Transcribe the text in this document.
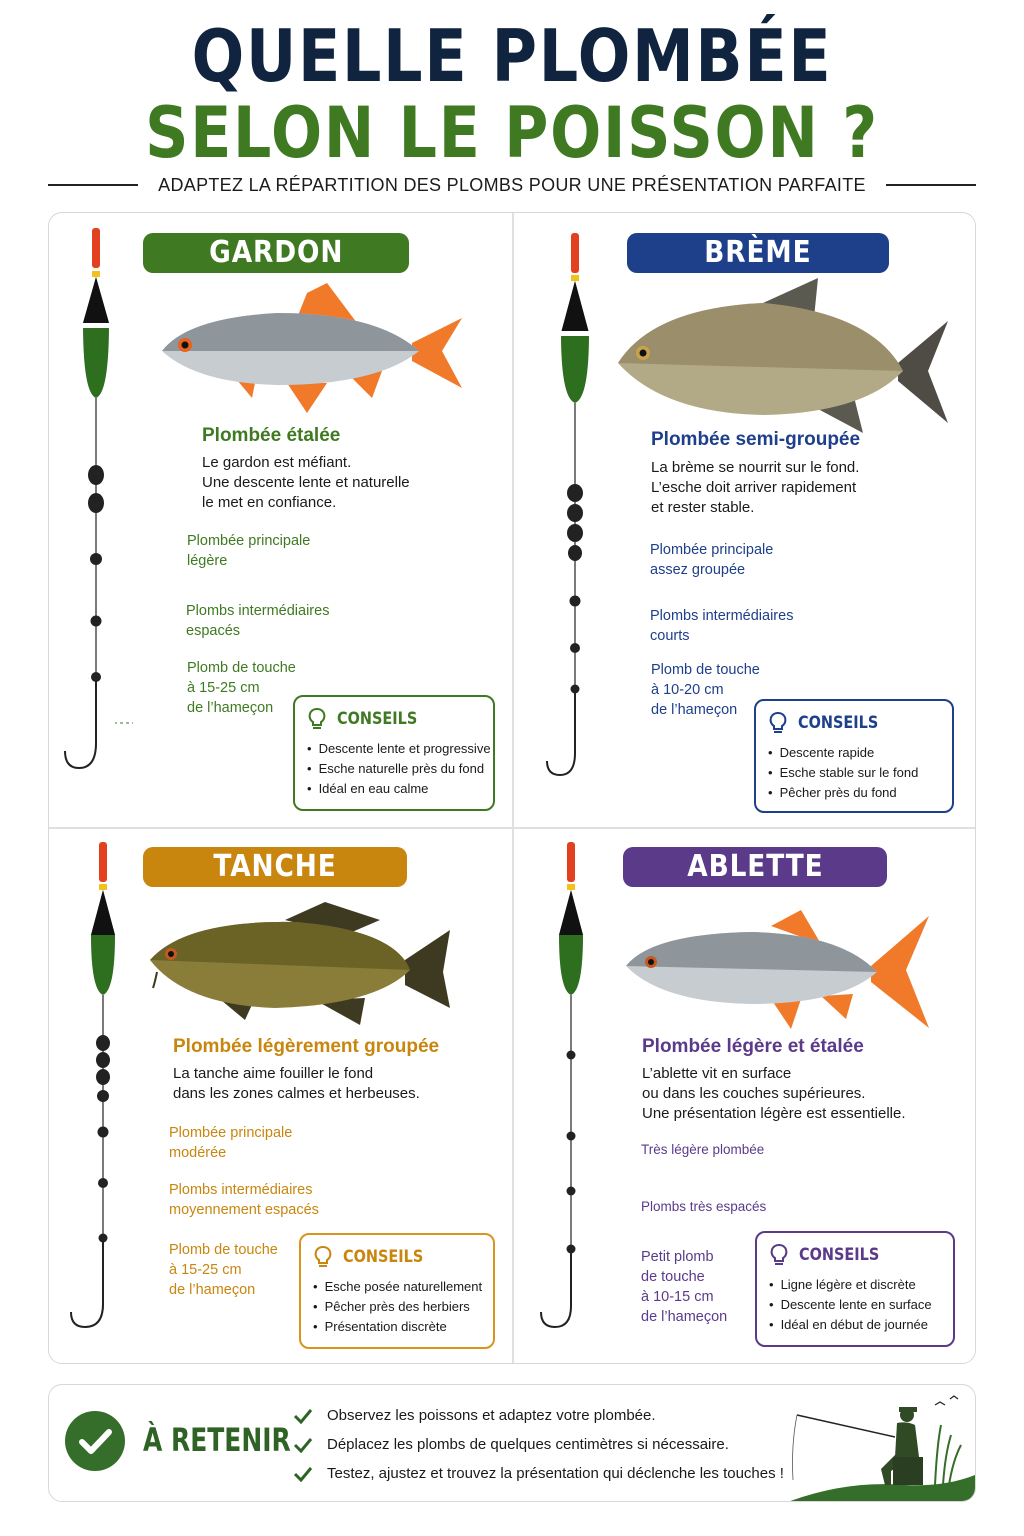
QUELLE PLOMBÉE
SELON LE POISSON ?
ADAPTEZ LA RÉPARTITION DES PLOMBS POUR UNE PRÉSENTATION PARFAITE
GARDON
Plombée étalée
Le gardon est méfiant.
Une descente lente et naturelle
le met en confiance.
Plombée principale
légère
Plombs intermédiaires
espacés
Plomb de touche
à 15-25 cm
de l’hameçon
CONSEILS
• Descente lente et progressive
• Esche naturelle près du fond
• Idéal en eau calme
BRÈME
Plombée semi-groupée
La brème se nourrit sur le fond.
L’esche doit arriver rapidement
et rester stable.
Plombée principale
assez groupée
Plombs intermédiaires
courts
Plomb de touche
à 10-20 cm
de l’hameçon
CONSEILS
• Descente rapide
• Esche stable sur le fond
• Pêcher près du fond
TANCHE
Plombée légèrement groupée
La tanche aime fouiller le fond
dans les zones calmes et herbeuses.
Plombée principale
modérée
Plombs intermédiaires
moyennement espacés
Plomb de touche
à 15-25 cm
de l’hameçon
CONSEILS
• Esche posée naturellement
• Pêcher près des herbiers
• Présentation discrète
ABLETTE
Plombée légère et étalée
L’ablette vit en surface
ou dans les couches supérieures.
Une présentation légère est essentielle.
Très légère plombée
Plombs très espacés
Petit plomb
de touche
à 10-15 cm
de l’hameçon
CONSEILS
• Ligne légère et discrète
• Descente lente en surface
• Idéal en début de journée
À RETENIR
Observez les poissons et adaptez votre plombée.
Déplacez les plombs de quelques centimètres si nécessaire.
Testez, ajustez et trouvez la présentation qui déclenche les touches !
